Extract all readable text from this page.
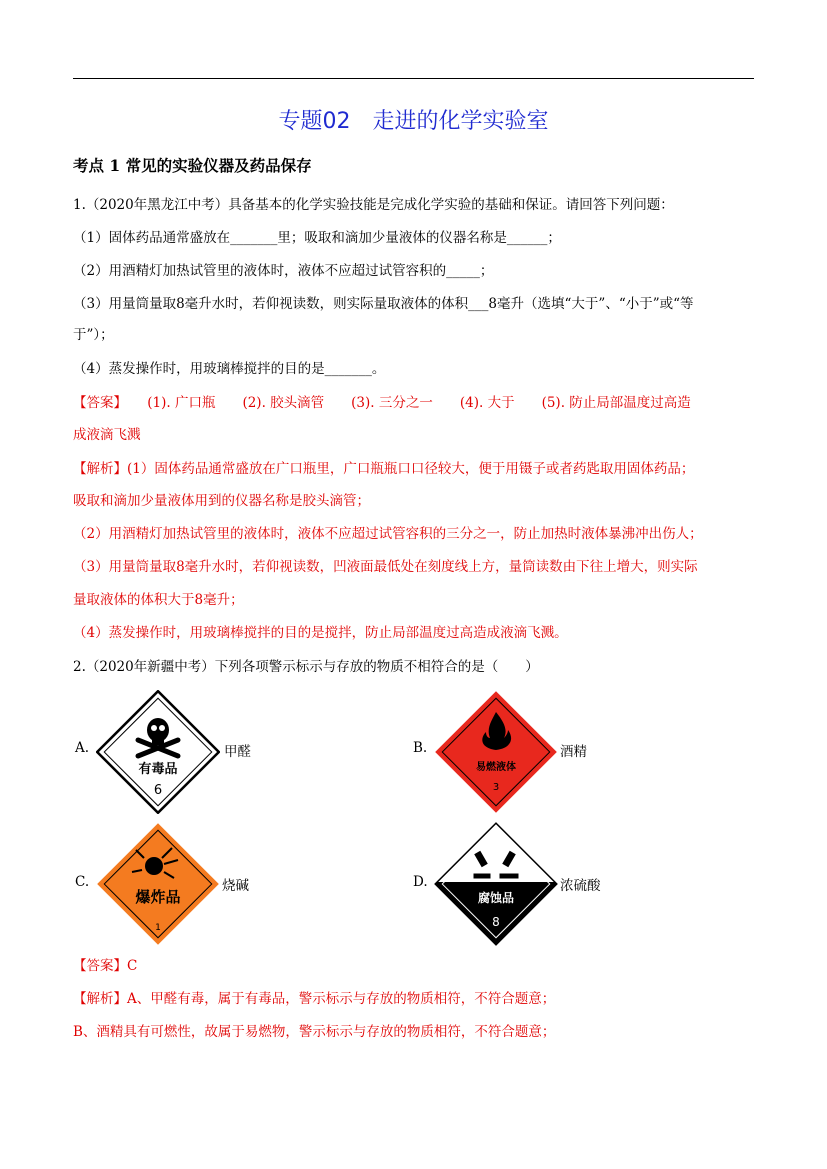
专题02　走进的化学实验室
考点 1 常见的实验仪器及药品保存
1.（2020年黑龙江中考）具备基本的化学实验技能是完成化学实验的基础和保证。请回答下列问题：
（1）固体药品通常盛放在_______里；吸取和滴加少量液体的仪器名称是______；
（2）用酒精灯加热试管里的液体时，液体不应超过试管容积的_____；
（3）用量筒量取8毫升水时，若仰视读数，则实际量取液体的体积___8毫升（选填“大于”、“小于”或“等
于”）；
（4）蒸发操作时，用玻璃棒搅拌的目的是_______。
【答案】　　(1). 广口瓶　　(2). 胶头滴管　　(3). 三分之一　　(4). 大于　　(5). 防止局部温度过高造
成液滴飞溅
【解析】(1）固体药品通常盛放在广口瓶里，广口瓶瓶口口径较大，便于用镊子或者药匙取用固体药品；
吸取和滴加少量液体用到的仪器名称是胶头滴管；
（2）用酒精灯加热试管里的液体时，液体不应超过试管容积的三分之一，防止加热时液体暴沸冲出伤人；
（3）用量筒量取8毫升水时，若仰视读数，凹液面最低处在刻度线上方，量筒读数由下往上增大，则实际
量取液体的体积大于8毫升；
（4）蒸发操作时，用玻璃棒搅拌的目的是搅拌，防止局部温度过高造成液滴飞溅。
2.（2020年新疆中考）下列各项警示标示与存放的物质不相符合的是（　　）
A.
有毒品
6
甲醛	B.
易燃液体
3
酒精
C.
爆炸品
1
烧碱	D.
腐蚀品
8
浓硫酸
【答案】C
【解析】A、甲醛有毒，属于有毒品，警示标示与存放的物质相符，不符合题意；
B、酒精具有可燃性，故属于易燃物，警示标示与存放的物质相符，不符合题意；
